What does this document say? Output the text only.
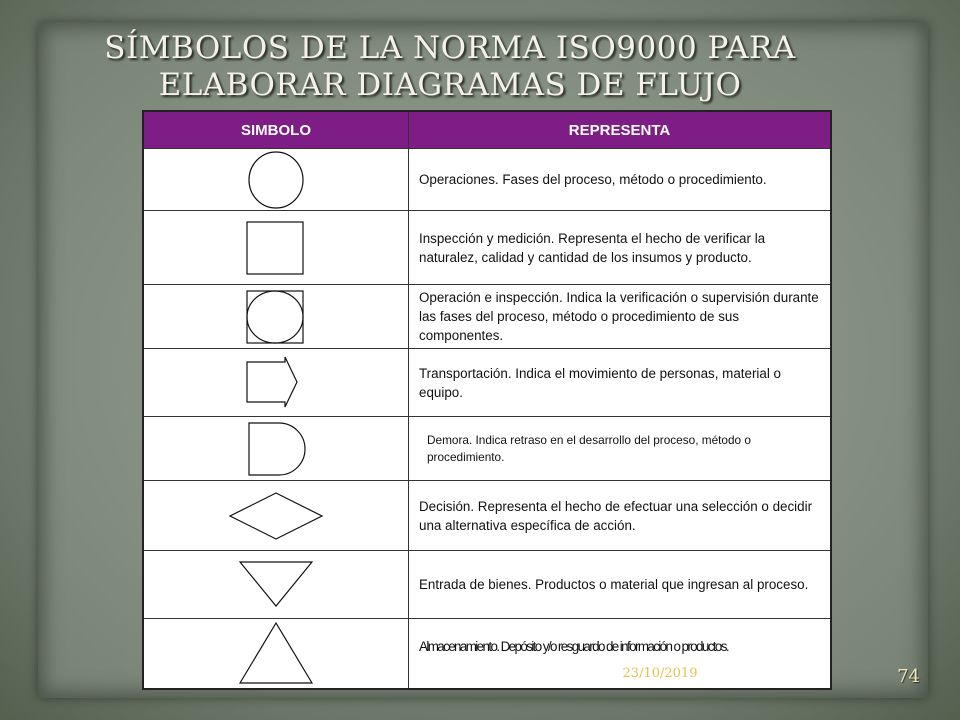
SÍMBOLOS DE LA NORMA ISO9000 PARA
ELABORAR DIAGRAMAS DE FLUJO
SIMBOLO	REPRESENTA

	Operaciones. Fases del proceso, método o procedimiento.

	Inspección y medición. Representa el hecho de verificar la naturalez, calidad y cantidad de los insumos y producto.

	Operación e inspección. Indica la verificación o supervisión durante las fases del proceso, método o procedimiento de sus componentes.

	Transportación. Indica el movimiento de personas, material o equipo.

	Demora. Indica retraso en el desarrollo del proceso, método o procedimiento.

	Decisión. Representa el hecho de efectuar una selección o decidir una alternativa específica de acción.

	Entrada de bienes. Productos o material que ingresan al proceso.

	Almacenamiento. Depósito y/o resguardo de información o productos.
23/10/2019	74
